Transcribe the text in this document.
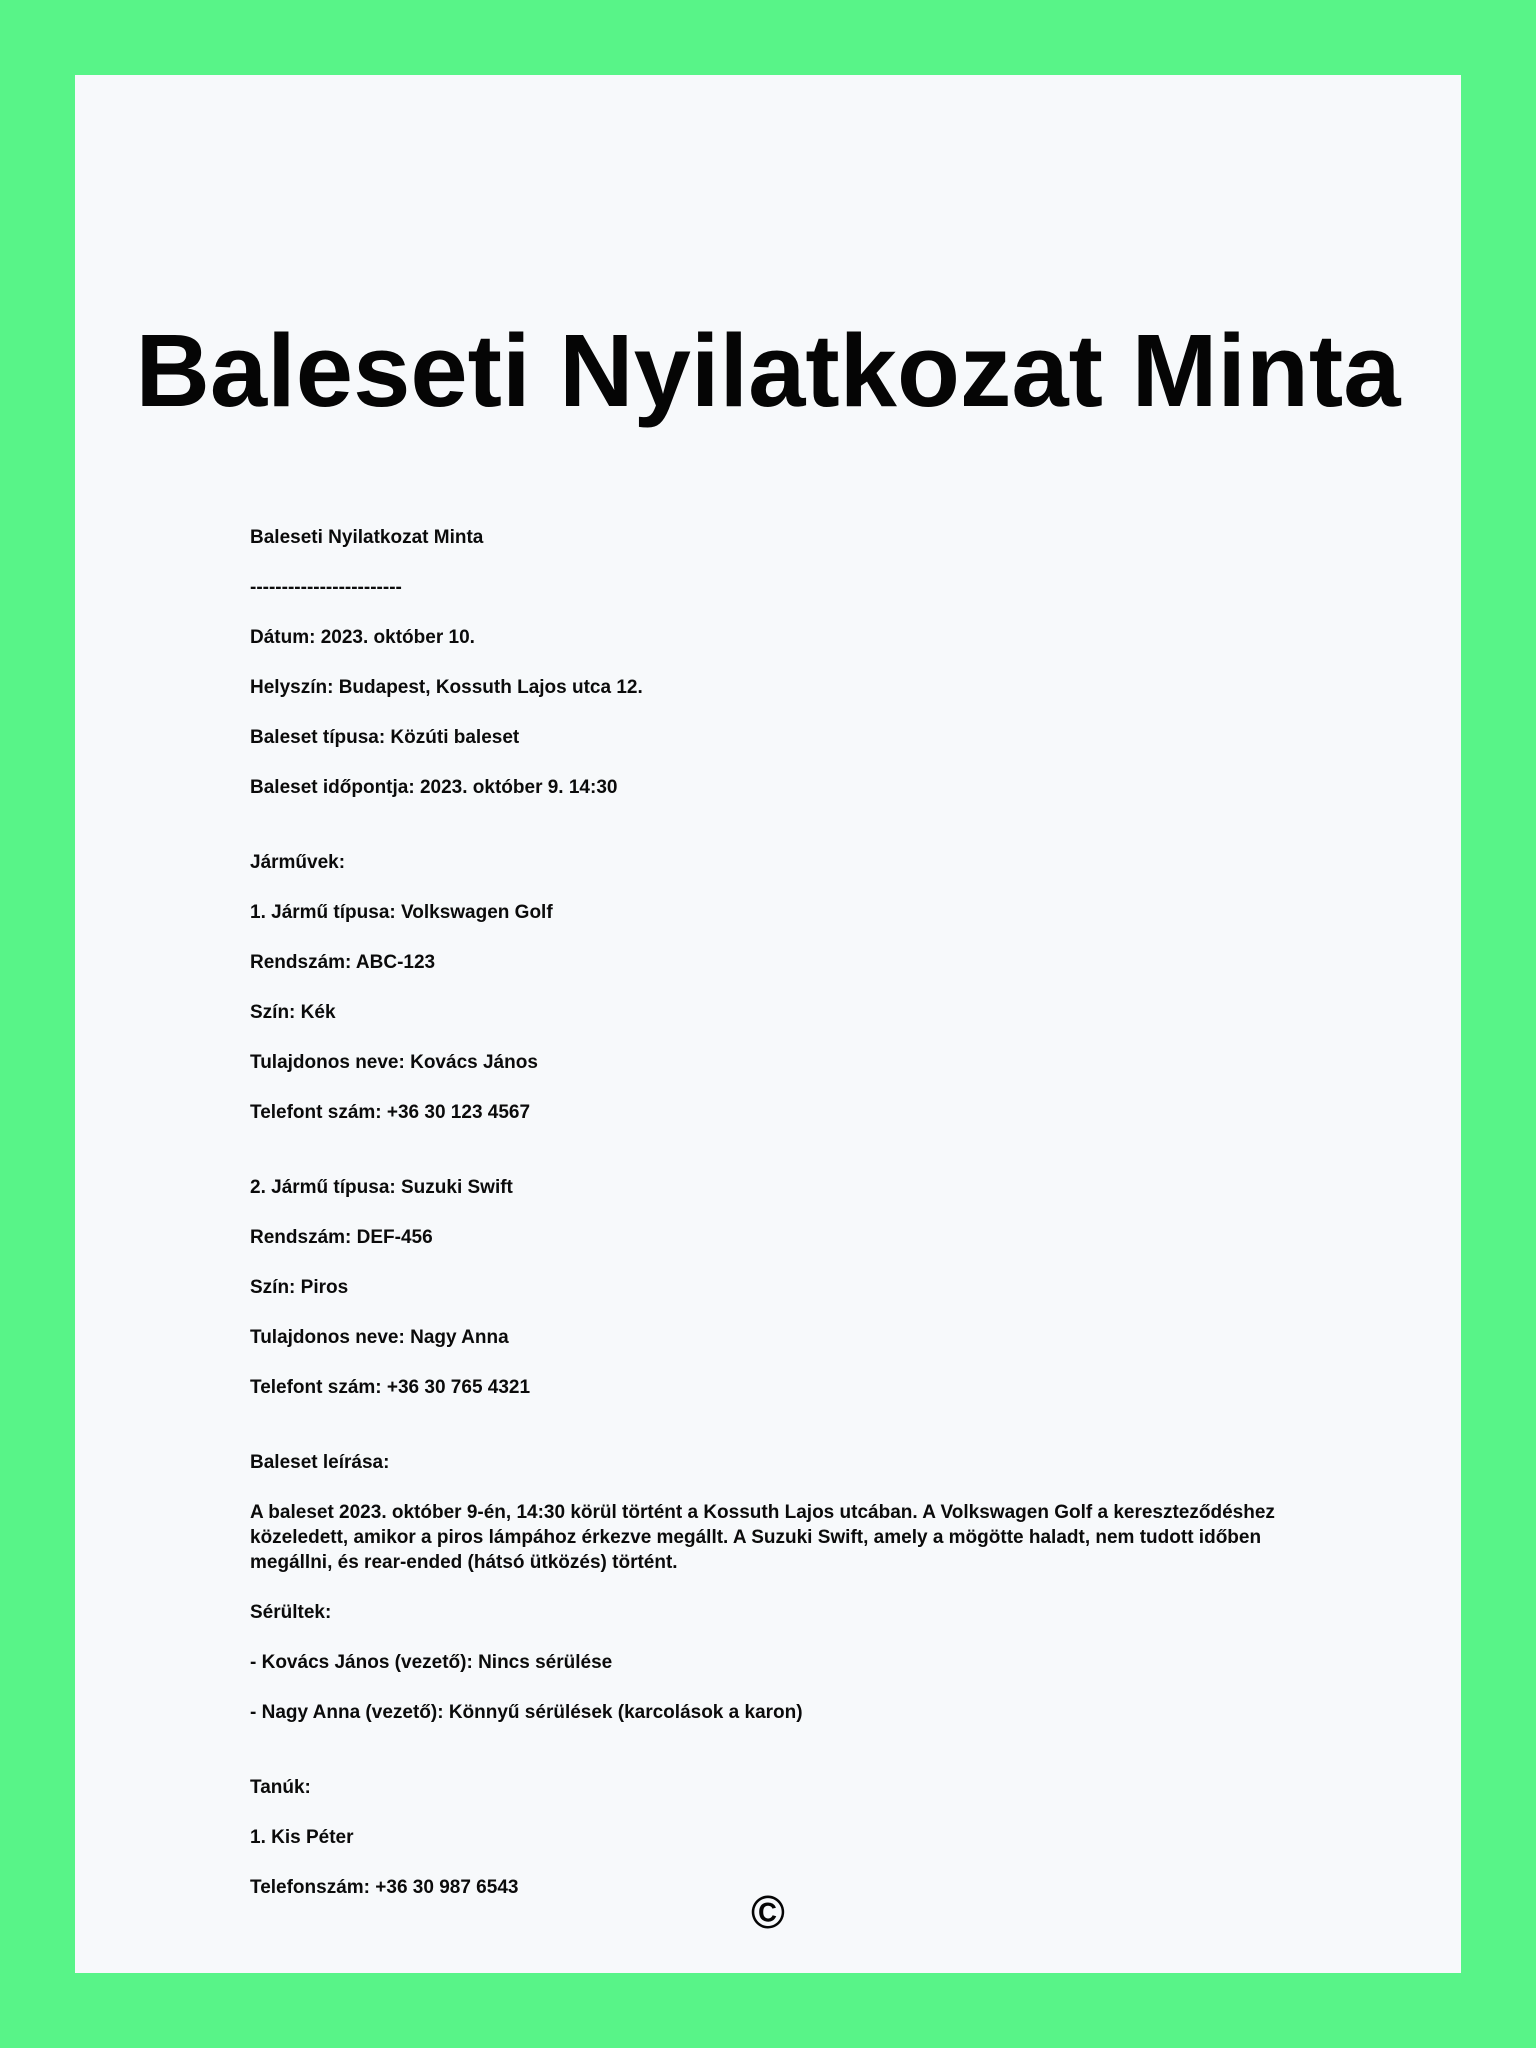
Baleseti Nyilatkozat Minta
Baleseti Nyilatkozat Minta
------------------------
Dátum: 2023. október 10.
Helyszín: Budapest, Kossuth Lajos utca 12.
Baleset típusa: Közúti baleset
Baleset időpontja: 2023. október 9. 14:30
Járművek:
1. Jármű típusa: Volkswagen Golf
Rendszám: ABC-123
Szín: Kék
Tulajdonos neve: Kovács János
Telefont szám: +36 30 123 4567
2. Jármű típusa: Suzuki Swift
Rendszám: DEF-456
Szín: Piros
Tulajdonos neve: Nagy Anna
Telefont szám: +36 30 765 4321
Baleset leírása:
A baleset 2023. október 9-én, 14:30 körül történt a Kossuth Lajos utcában. A Volkswagen Golf a kereszteződéshez közeledett, amikor a piros lámpához érkezve megállt. A Suzuki Swift, amely a mögötte haladt, nem tudott időben megállni, és rear-ended (hátsó ütközés) történt.
Sérültek:
- Kovács János (vezető): Nincs sérülése
- Nagy Anna (vezető): Könnyű sérülések (karcolások a karon)
Tanúk:
1. Kis Péter
Telefonszám: +36 30 987 6543	©
